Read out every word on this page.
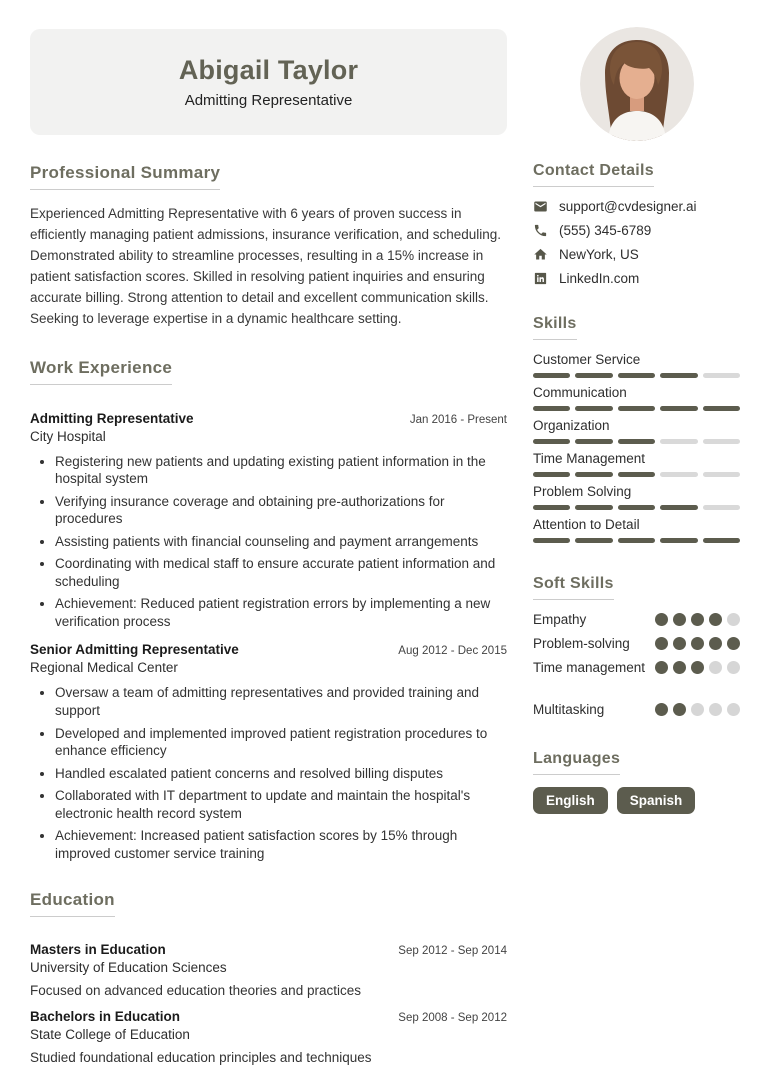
Abigail Taylor
Admitting Representative
Professional Summary

Experienced Admitting Representative with 6 years of proven success in efficiently managing patient admissions, insurance verification, and scheduling. Demonstrated ability to streamline processes, resulting in a 15% increase in patient satisfaction scores. Skilled in resolving patient inquiries and ensuring accurate billing. Strong attention to detail and excellent communication skills. Seeking to leverage expertise in a dynamic healthcare setting.

Work Experience
Admitting Representative	Jan 2016 - Present
City Hospital
• Registering new patients and updating existing patient information in the hospital system
• Verifying insurance coverage and obtaining pre-authorizations for procedures
• Assisting patients with financial counseling and payment arrangements
• Coordinating with medical staff to ensure accurate patient information and scheduling
• Achievement: Reduced patient registration errors by implementing a new verification process
Senior Admitting Representative	Aug 2012 - Dec 2015
Regional Medical Center
• Oversaw a team of admitting representatives and provided training and support
• Developed and implemented improved patient registration procedures to enhance efficiency
• Handled escalated patient concerns and resolved billing disputes
• Collaborated with IT department to update and maintain the hospital's electronic health record system
• Achievement: Increased patient satisfaction scores by 15% through improved customer service training
Education
Masters in Education	Sep 2012 - Sep 2014
University of Education Sciences
Focused on advanced education theories and practices
Bachelors in Education	Sep 2008 - Sep 2012
State College of Education
Studied foundational education principles and techniques
Contact Details
support@cvdesigner.ai
(555) 345-6789
NewYork, US
LinkedIn.com
Skills
Customer Service
Communication
Organization
Time Management
Problem Solving
Attention to Detail
Soft Skills
Empathy
Problem-solving
Time management
Multitasking
Languages
English	Spanish
